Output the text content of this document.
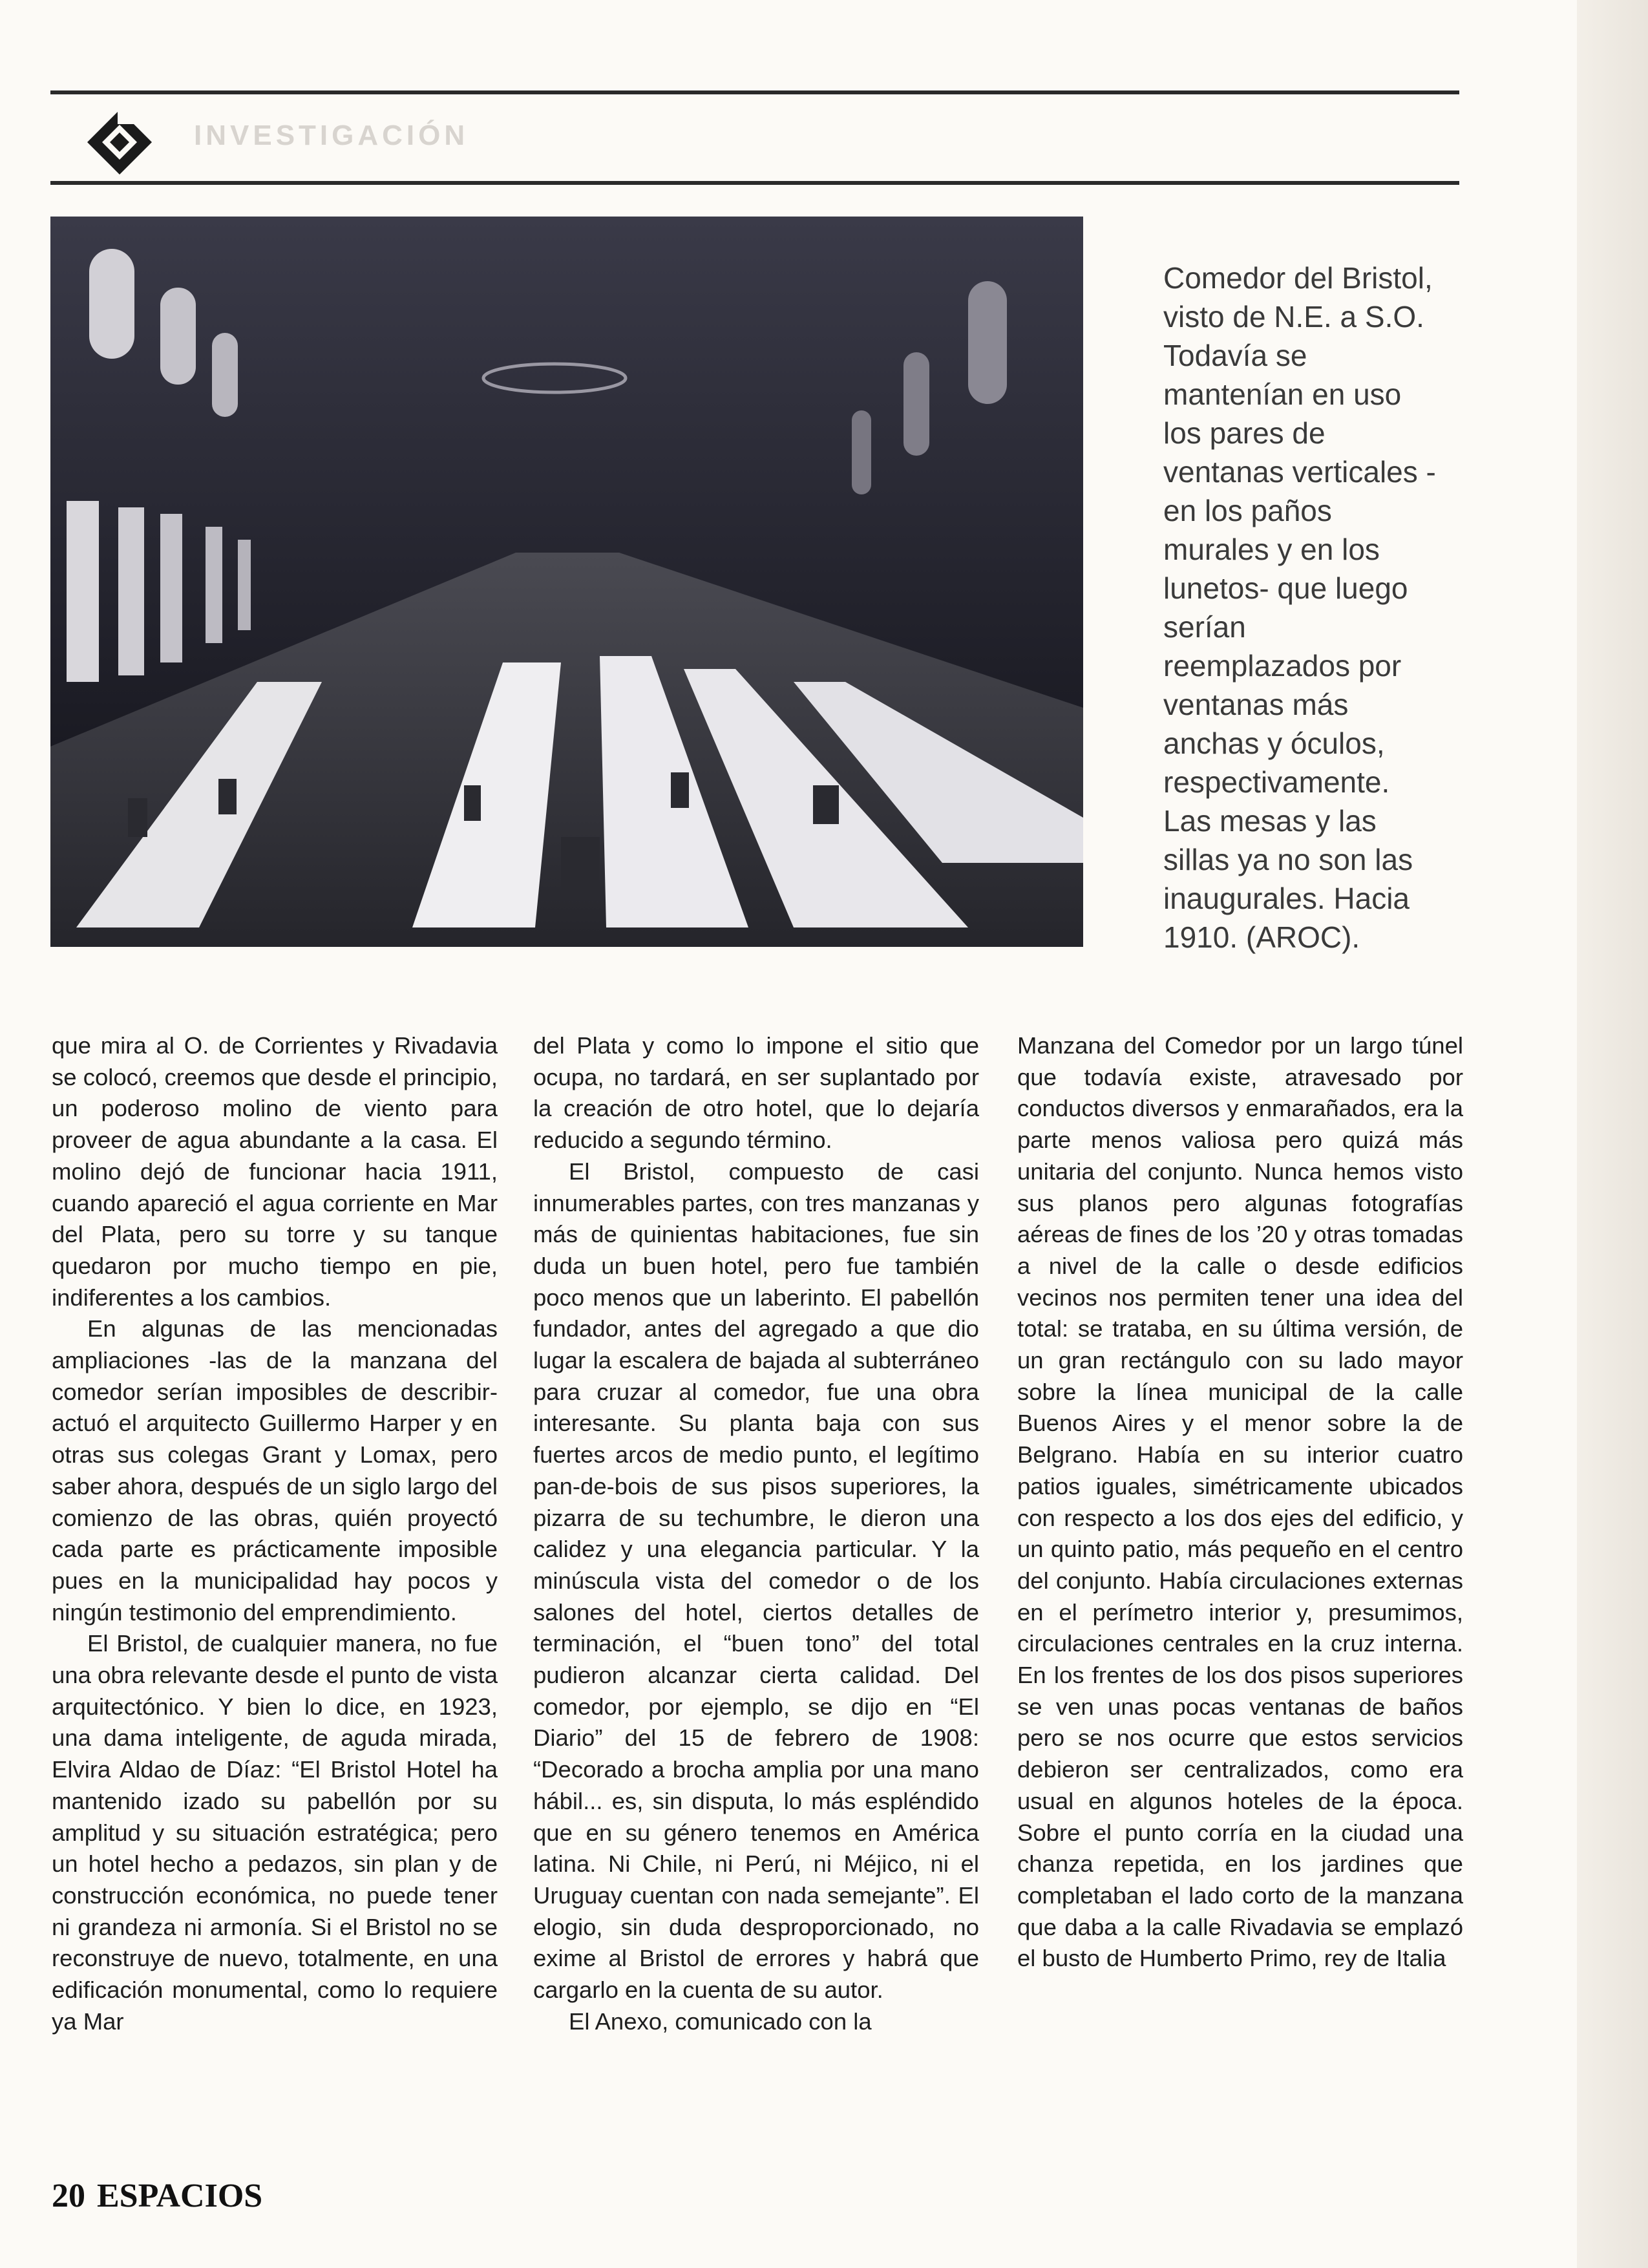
INVESTIGACIÓN
Comedor del Bristol,
visto de N.E. a S.O.
Todavía se
mantenían en uso
los pares de
ventanas verticales -
en los paños
murales y en los
lunetos- que luego
serían
reemplazados por
ventanas más
anchas y óculos,
respectivamente.
Las mesas y las
sillas ya no son las
inaugurales. Hacia
1910. (AROC).

que mira al O. de Corrientes y Rivadavia se colocó, creemos que desde el principio, un poderoso molino de viento para proveer de agua abundante a la casa. El molino dejó de funcionar hacia 1911, cuando apareció el agua corriente en Mar del Plata, pero su torre y su tanque quedaron por mucho tiempo en pie, indiferentes a los cambios.

En algunas de las mencionadas ampliaciones -las de la manzana del comedor serían imposibles de describir- actuó el arquitecto Guillermo Harper y en otras sus colegas Grant y Lomax, pero saber ahora, después de un siglo largo del comienzo de las obras, quién proyectó cada parte es prácticamente imposible pues en la municipalidad hay pocos y ningún testimonio del emprendimiento.

El Bristol, de cualquier manera, no fue una obra relevante desde el punto de vista arquitectónico. Y bien lo dice, en 1923, una dama inteligente, de aguda mirada, Elvira Aldao de Díaz: “El Bristol Hotel ha mantenido izado su pabellón por su amplitud y su situación estratégica; pero un hotel hecho a pedazos, sin plan y de construcción económica, no puede tener ni grandeza ni armonía. Si el Bristol no se reconstruye de nuevo, totalmente, en una edificación monumental, como lo requiere ya Mar

del Plata y como lo impone el sitio que ocupa, no tardará, en ser suplantado por la creación de otro hotel, que lo dejaría reducido a segundo término.

El Bristol, compuesto de casi innumerables partes, con tres manzanas y más de quinientas habitaciones, fue sin duda un buen hotel, pero fue también poco menos que un laberinto. El pabellón fundador, antes del agregado a que dio lugar la escalera de bajada al subterráneo para cruzar al comedor, fue una obra interesante. Su planta baja con sus fuertes arcos de medio punto, el legítimo pan-de-bois de sus pisos superiores, la pizarra de su techumbre, le dieron una calidez y una elegancia particular. Y la minúscula vista del comedor o de los salones del hotel, ciertos detalles de terminación, el “buen tono” del total pudieron alcanzar cierta calidad. Del comedor, por ejemplo, se dijo en “El Diario” del 15 de febrero de 1908: “Decorado a brocha amplia por una mano hábil... es, sin disputa, lo más espléndido que en su género tenemos en América latina. Ni Chile, ni Perú, ni Méjico, ni el Uruguay cuentan con nada semejante”. El elogio, sin duda desproporcionado, no exime al Bristol de errores y habrá que cargarlo en la cuenta de su autor.

El Anexo, comunicado con la

Manzana del Comedor por un largo túnel que todavía existe, atravesado por conductos diversos y enmarañados, era la parte menos valiosa pero quizá más unitaria del conjunto. Nunca hemos visto sus planos pero algunas fotografías aéreas de fines de los ’20 y otras tomadas a nivel de la calle o desde edificios vecinos nos permiten tener una idea del total: se trataba, en su última versión, de un gran rectángulo con su lado mayor sobre la línea municipal de la calle Buenos Aires y el menor sobre la de Belgrano. Había en su interior cuatro patios iguales, simétricamente ubicados con respecto a los dos ejes del edificio, y un quinto patio, más pequeño en el centro del conjunto. Había circulaciones externas en el perímetro interior y, presumimos, circulaciones centrales en la cruz interna. En los frentes de los dos pisos superiores se ven unas pocas ventanas de baños pero se nos ocurre que estos servicios debieron ser centralizados, como era usual en algunos hoteles de la época. Sobre el punto corría en la ciudad una chanza repetida, en los jardines que completaban el lado corto de la manzana que daba a la calle Rivadavia se emplazó el busto de Humberto Primo, rey de Italia

20 ESPACIOS
